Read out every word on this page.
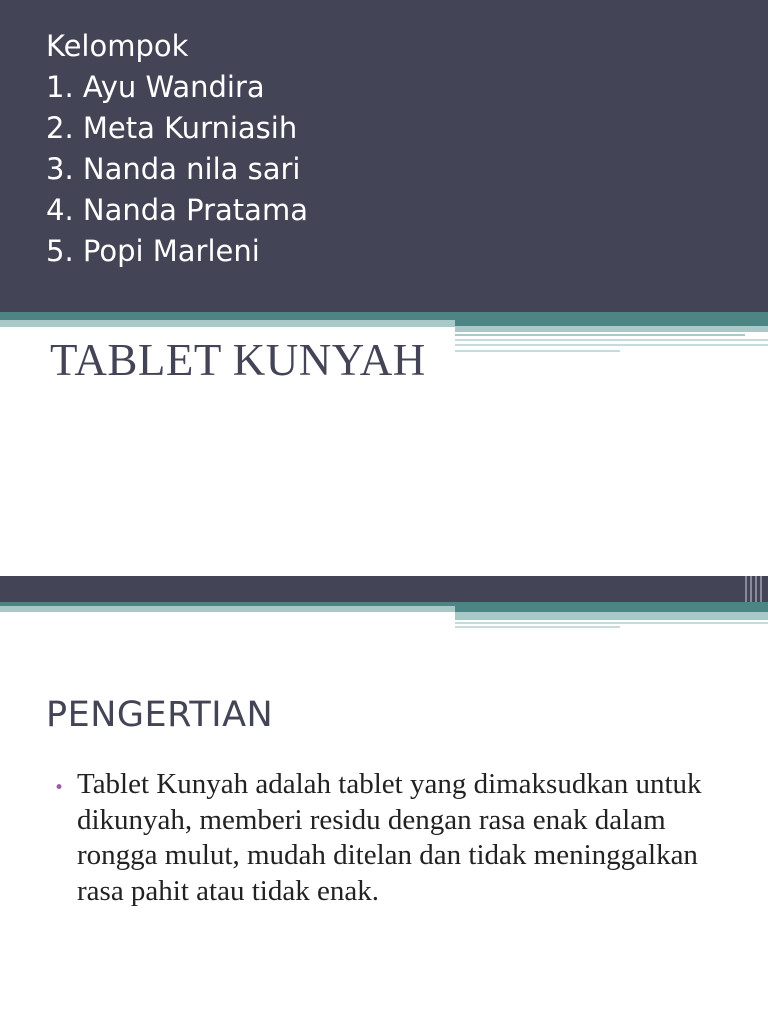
Kelompok
1. Ayu Wandira
2. Meta Kurniasih
3. Nanda nila sari
4. Nanda Pratama
5. Popi Marleni
TABLET KUNYAH
PENGERTIAN
• Tablet Kunyah adalah tablet yang dimaksudkan untuk dikunyah, memberi residu dengan rasa enak dalam rongga mulut, mudah ditelan dan tidak meninggalkan rasa pahit atau tidak enak.
